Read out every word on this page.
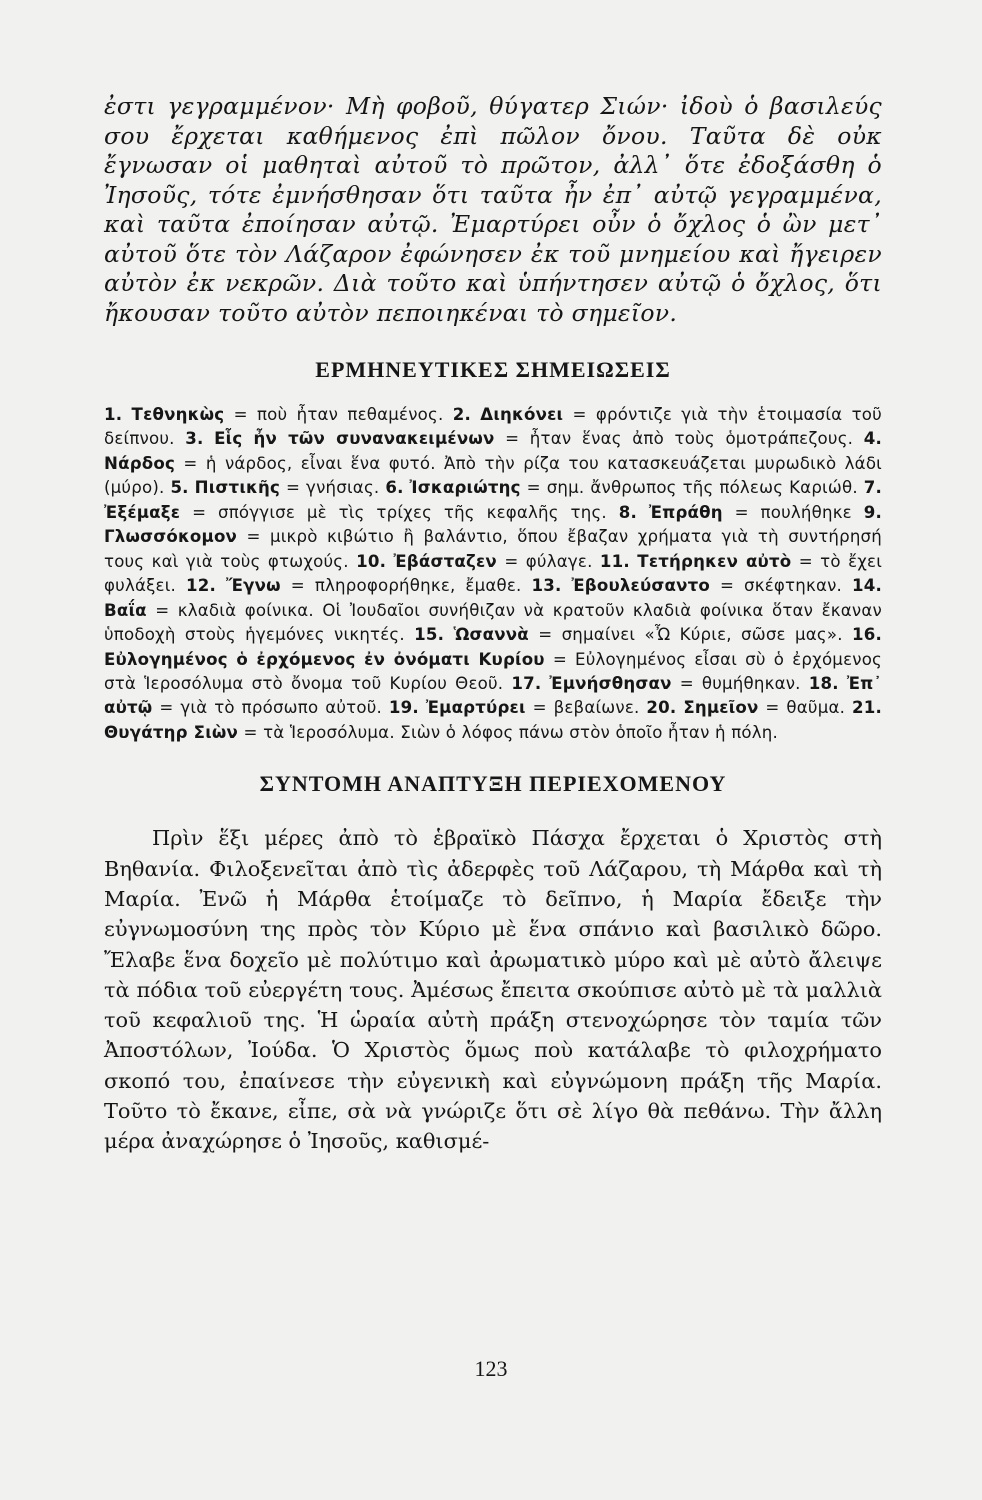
ἐστι γεγραμμένον· Μὴ φοβοῦ, θύγατερ Σιών· ἰδοὺ ὁ βασιλεύς σου ἔρχεται καθήμενος ἐπὶ πῶλον ὄνου. Ταῦτα δὲ οὐκ ἔγνωσαν οἱ μαθηταὶ αὐτοῦ τὸ πρῶτον, ἀλλ᾿ ὅτε ἐδοξάσθη ὁ Ἰησοῦς, τότε ἐμνήσθησαν ὅτι ταῦτα ἦν ἐπ᾿ αὐτῷ γεγραμμένα, καὶ ταῦτα ἐποίησαν αὐτῷ. Ἐμαρτύρει οὖν ὁ ὄχλος ὁ ὢν μετ᾿ αὐτοῦ ὅτε τὸν Λάζαρον ἐφώνησεν ἐκ τοῦ μνημείου καὶ ἤγειρεν αὐτὸν ἐκ νεκρῶν. Διὰ τοῦτο καὶ ὑπήντησεν αὐτῷ ὁ ὄχλος, ὅτι ἤκουσαν τοῦτο αὐτὸν πεποιηκέναι τὸ σημεῖον.

ΕΡΜΗΝΕΥΤΙΚΕΣ ΣΗΜΕΙΩΣΕΙΣ

1. Τεθνηκὼς = ποὺ ἦταν πεθαμένος. 2. Διηκόνει = φρόντιζε γιὰ τὴν ἑτοιμασία τοῦ δείπνου. 3. Εἷς ἦν τῶν συνανακειμένων = ἦταν ἕνας ἀπὸ τοὺς ὁμοτράπεζους. 4. Νάρδος = ἡ νάρδος, εἶναι ἕνα φυτό. Ἀπὸ τὴν ρίζα του κατασκευάζεται μυρωδικὸ λάδι (μύρο). 5. Πιστικῆς = γνήσιας. 6. Ἰσκαριώτης = σημ. ἄνθρωπος τῆς πόλεως Καριώθ. 7. Ἐξέμαξε = σπόγγισε μὲ τὶς τρίχες τῆς κεφαλῆς της. 8. Ἐπράθη = πουλήθηκε 9. Γλωσσόκομον = μικρὸ κιβώτιο ἢ βαλάντιο, ὅπου ἔβαζαν χρήματα γιὰ τὴ συντήρησή τους καὶ γιὰ τοὺς φτωχούς. 10. Ἐβάσταζεν = φύλαγε. 11. Τετήρηκεν αὐτὸ = τὸ ἔχει φυλάξει. 12. Ἔγνω = πληροφορήθηκε, ἔμαθε. 13. Ἐβουλεύσαντο = σκέφτηκαν. 14. Βαΐα = κλαδιὰ φοίνικα. Οἱ Ἰουδαῖοι συνήθιζαν νὰ κρατοῦν κλαδιὰ φοίνικα ὅταν ἔκαναν ὑποδοχὴ στοὺς ἡγεμόνες νικητές. 15. Ὡσαννὰ = σημαίνει «Ὦ Κύριε, σῶσε μας». 16. Εὐλογημένος ὁ ἐρχόμενος ἐν ὀνόματι Κυρίου = Εὐλογημένος εἶσαι σὺ ὁ ἐρχόμενος στὰ Ἱεροσόλυμα στὸ ὄνομα τοῦ Κυρίου Θεοῦ. 17. Ἐμνήσθησαν = θυμήθηκαν. 18. Ἐπ᾿ αὐτῷ = γιὰ τὸ πρόσωπο αὐτοῦ. 19. Ἐμαρτύρει = βεβαίωνε. 20. Σημεῖον = θαῦμα. 21. Θυγάτηρ Σιὼν = τὰ Ἱεροσόλυμα. Σιὼν ὁ λόφος πάνω στὸν ὁποῖο ἦταν ἡ πόλη.

ΣΥΝΤΟΜΗ ΑΝΑΠΤΥΞΗ ΠΕΡΙΕΧΟΜΕΝΟΥ

Πρὶν ἕξι μέρες ἀπὸ τὸ ἑβραϊκὸ Πάσχα ἔρχεται ὁ Χριστὸς στὴ Βηθανία. Φιλοξενεῖται ἀπὸ τὶς ἀδερφὲς τοῦ Λάζαρου, τὴ Μάρθα καὶ τὴ Μαρία. Ἐνῶ ἡ Μάρθα ἑτοίμαζε τὸ δεῖπνο, ἡ Μαρία ἔδειξε τὴν εὐγνωμοσύνη της πρὸς τὸν Κύριο μὲ ἕνα σπάνιο καὶ βασιλικὸ δῶρο. Ἔλαβε ἕνα δοχεῖο μὲ πολύτιμο καὶ ἀρωματικὸ μύρο καὶ μὲ αὐτὸ ἄλειψε τὰ πόδια τοῦ εὐεργέτη τους. Ἀμέσως ἔπειτα σκούπισε αὐτὸ μὲ τὰ μαλλιὰ τοῦ κεφαλιοῦ της. Ἡ ὡραία αὐτὴ πράξη στενοχώρησε τὸν ταμία τῶν Ἀποστόλων, Ἰούδα. Ὁ Χριστὸς ὅμως ποὺ κατάλαβε τὸ φιλοχρήματο σκοπό του, ἐπαίνεσε τὴν εὐγενικὴ καὶ εὐγνώμονη πράξη τῆς Μαρία. Τοῦτο τὸ ἔκανε, εἶπε, σὰ νὰ γνώριζε ὅτι σὲ λίγο θὰ πεθάνω. Τὴν ἄλλη μέρα ἀναχώρησε ὁ Ἰησοῦς, καθισμέ-

123
